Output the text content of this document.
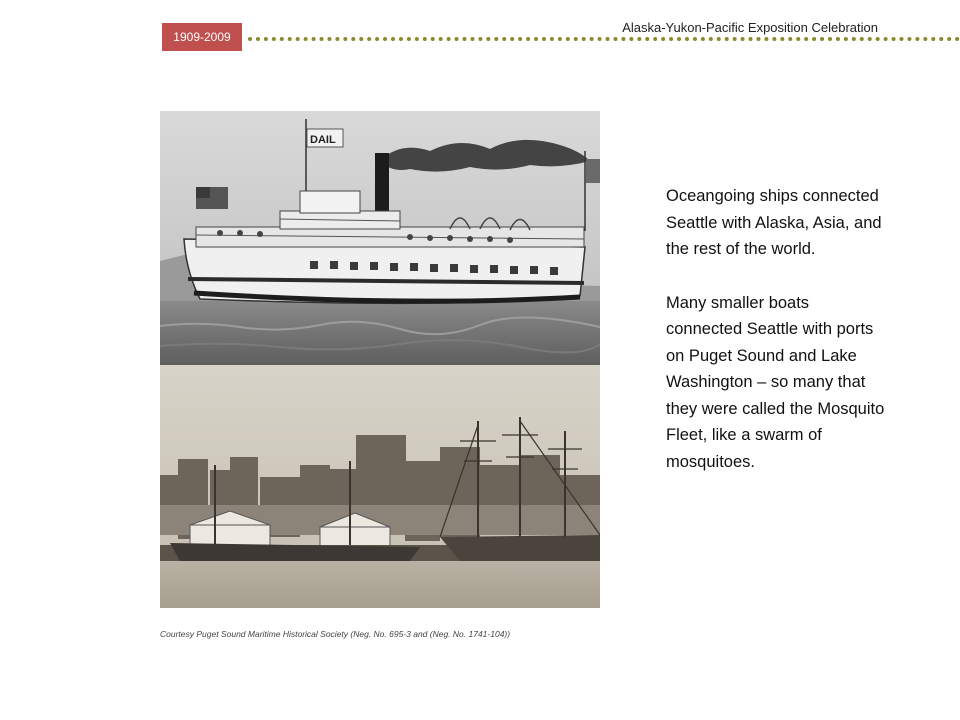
1909-2009
Alaska-Yukon-Pacific Exposition Celebration
DAIL
Courtesy Puget Sound Maritime Historical Society (Neg. No. 695-3 and (Neg. No. 1741-104))

Oceangoing ships connected Seattle with Alaska, Asia, and the rest of the world.

Many smaller boats connected Seattle with ports on Puget Sound and Lake Washington – so many that they were called the Mosquito Fleet, like a swarm of mosquitoes.
